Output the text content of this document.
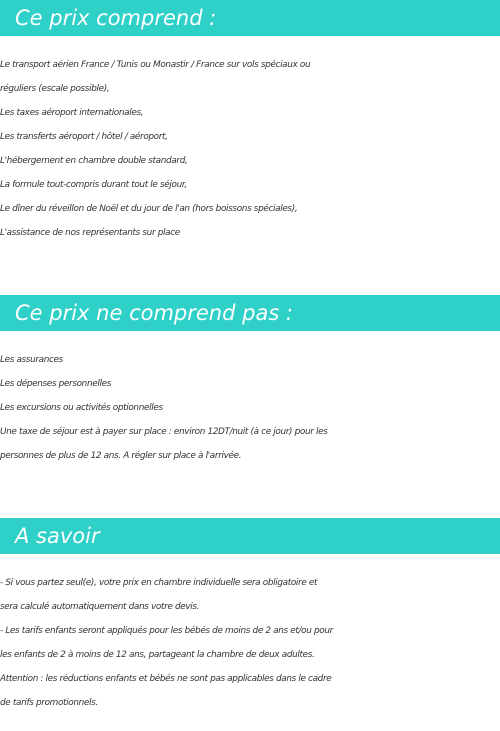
Ce prix comprend :
Le transport aérien France / Tunis ou Monastir / France sur vols spéciaux ou
réguliers (escale possible),
Les taxes aéroport internationales,
Les transferts aéroport / hôtel / aéroport,
L'hébergement en chambre double standard,
La formule tout-compris durant tout le séjour,
Le dîner du réveillon de Noël et du jour de l'an (hors boissons spéciales),
L'assistance de nos représentants sur place
Ce prix ne comprend pas :
Les assurances
Les dépenses personnelles
Les excursions ou activités optionnelles
Une taxe de séjour est à payer sur place : environ 12DT/nuit (à ce jour) pour les
personnes de plus de 12 ans. A régler sur place à l'arrivée.
A savoir
- Si vous partez seul(e), votre prix en chambre individuelle sera obligatoire et
sera calculé automatiquement dans votre devis.
- Les tarifs enfants seront appliqués pour les bébés de moins de 2 ans et/ou pour
les enfants de 2 à moins de 12 ans, partageant la chambre de deux adultes.
Attention : les réductions enfants et bébés ne sont pas applicables dans le cadre
de tarifs promotionnels.
